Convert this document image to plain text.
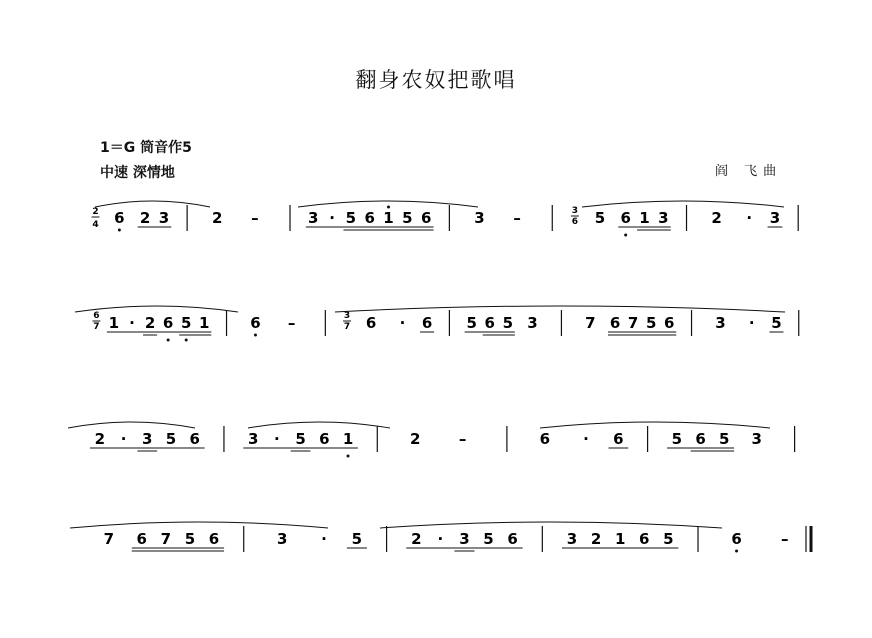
翻身农奴把歌唱
1＝G 筒音作5
中速 深情地	阎 飞曲
2
4 6 2 3	2 –	3 · 5 6 1 5 6	3 –	3
6 5 6 1 3	2 · 3
6
7 1 · 2 6 5 1	6 –	3
7 6 · 6 5 6 5 3	7 6 7 5 6	3 · 5
2 · 3 5 6	3 · 5 6 1	2	–	6 · 6	5 6 5 3
7 6 7 5 6	3 · 5	2 · 3 5 6	3 2 1 6 5	6	–
